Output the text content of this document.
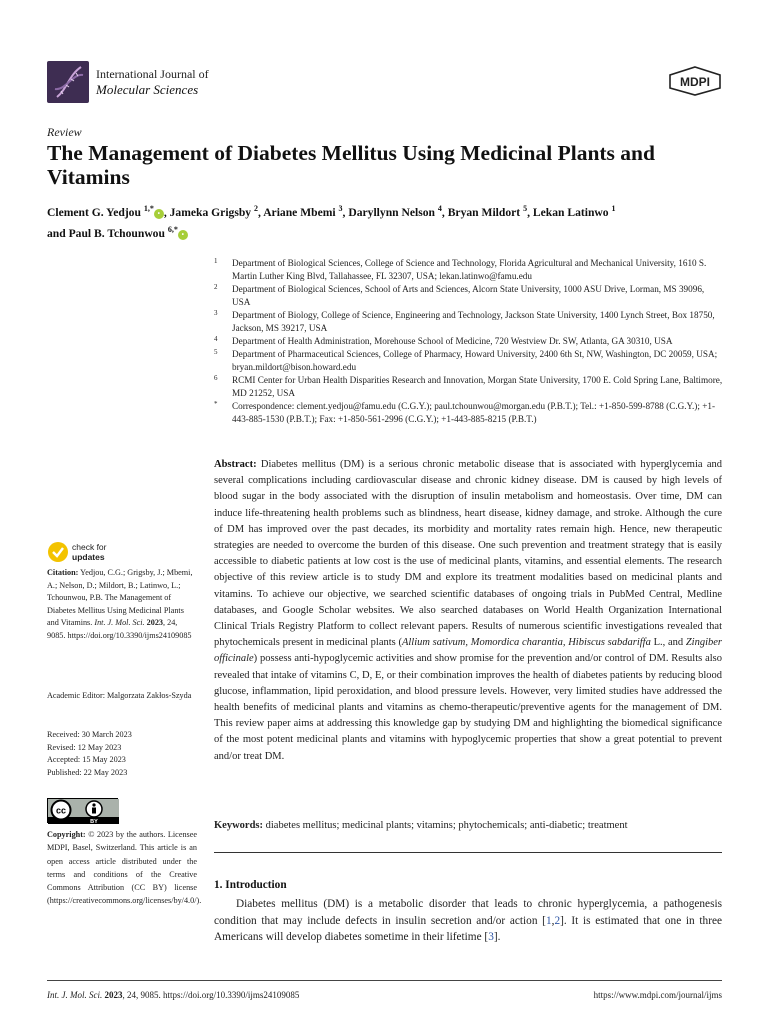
International Journal of
Molecular Sciences	MDPI
Review
The Management of Diabetes Mellitus Using Medicinal Plants and Vitamins
Clement G. Yedjou $^{1,*}$• , Jameka Grigsby $^2$, Ariane Mbemi $^3$, Daryllynn Nelson $^4$, Bryan Mildort $^5$, Lekan Latinwo $^1$
and Paul B. Tchounwou $^{6,*}$•
1 Department of Biological Sciences, College of Science and Technology, Florida Agricultural and Mechanical University, 1610 S. Martin Luther King Blvd, Tallahassee, FL 32307, USA; lekan.latinwo@famu.edu
2 Department of Biological Sciences, School of Arts and Sciences, Alcorn State University, 1000 ASU Drive, Lorman, MS 39096, USA
3 Department of Biology, College of Science, Engineering and Technology, Jackson State University, 1400 Lynch Street, Box 18750, Jackson, MS 39217, USA
4 Department of Health Administration, Morehouse School of Medicine, 720 Westview Dr. SW, Atlanta, GA 30310, USA
5 Department of Pharmaceutical Sciences, College of Pharmacy, Howard University, 2400 6th St, NW, Washington, DC 20059, USA; bryan.mildort@bison.howard.edu
6 RCMI Center for Urban Health Disparities Research and Innovation, Morgan State University, 1700 E. Cold Spring Lane, Baltimore, MD 21252, USA
* Correspondence: clement.yedjou@famu.edu (C.G.Y.); paul.tchounwou@morgan.edu (P.B.T.); Tel.: +1-850-599-8788 (C.G.Y.); +1-443-885-1530 (P.B.T.); Fax: +1-850-561-2996 (C.G.Y.); +1-443-885-8215 (P.B.T.)
Abstract: Diabetes mellitus (DM) is a serious chronic metabolic disease that is associated with hyperglycemia and several complications including cardiovascular disease and chronic kidney disease. DM is caused by high levels of blood sugar in the body associated with the disruption of insulin metabolism and homeostasis. Over time, DM can induce life-threatening health problems such as blindness, heart disease, kidney damage, and stroke. Although the cure of DM has improved over the past decades, its morbidity and mortality rates remain high. Hence, new therapeutic strategies are needed to overcome the burden of this disease. One such prevention and treatment strategy that is easily accessible to diabetic patients at low cost is the use of medicinal plants, vitamins, and essential elements. The research objective of this review article is to study DM and explore its treatment modalities based on medicinal plants and vitamins. To achieve our objective, we searched scientific databases of ongoing trials in PubMed Central, Medline databases, and Google Scholar websites. We also searched databases on World Health Organization International Clinical Trials Registry Platform to collect relevant papers. Results of numerous scientific investigations revealed that phytochemicals present in medicinal plants (Allium sativum, Momordica charantia, Hibiscus sabdariffa L., and Zingiber officinale) possess anti-hypoglycemic activities and show promise for the prevention and/or control of DM. Results also revealed that intake of vitamins C, D, E, or their combination improves the health of diabetes patients by reducing blood glucose, inflammation, lipid peroxidation, and blood pressure levels. However, very limited studies have addressed the health benefits of medicinal plants and vitamins as chemo-therapeutic/preventive agents for the management of DM. This review paper aims at addressing this knowledge gap by studying DM and highlighting the biomedical significance of the most potent medicinal plants and vitamins with hypoglycemic properties that show a great potential to prevent and/or treat DM.
Keywords: diabetes mellitus; medicinal plants; vitamins; phytochemicals; anti-diabetic; treatment
1. Introduction
Diabetes mellitus (DM) is a metabolic disorder that leads to chronic hyperglycemia, a pathogenesis condition that may include defects in insulin secretion and/or action [1,2]. It is estimated that one in three Americans will develop diabetes sometime in their lifetime [3].
check for
updates
Citation: Yedjou, C.G.; Grigsby, J.; Mbemi, A.; Nelson, D.; Mildort, B.; Latinwo, L.; Tchounwou, P.B. The Management of Diabetes Mellitus Using Medicinal Plants and Vitamins. Int. J. Mol. Sci. 2023, 24, 9085. https://doi.org/10.3390/ijms24109085
Academic Editor: Malgorzata Zakłos-Szyda
Received: 30 March 2023
Revised: 12 May 2023
Accepted: 15 May 2023
Published: 22 May 2023
cc
BY
Copyright: © 2023 by the authors. Licensee MDPI, Basel, Switzerland. This article is an open access article distributed under the terms and conditions of the Creative Commons Attribution (CC BY) license (https://creativecommons.org/licenses/by/4.0/).
Int. J. Mol. Sci. 2023, 24, 9085. https://doi.org/10.3390/ijms24109085	https://www.mdpi.com/journal/ijms
